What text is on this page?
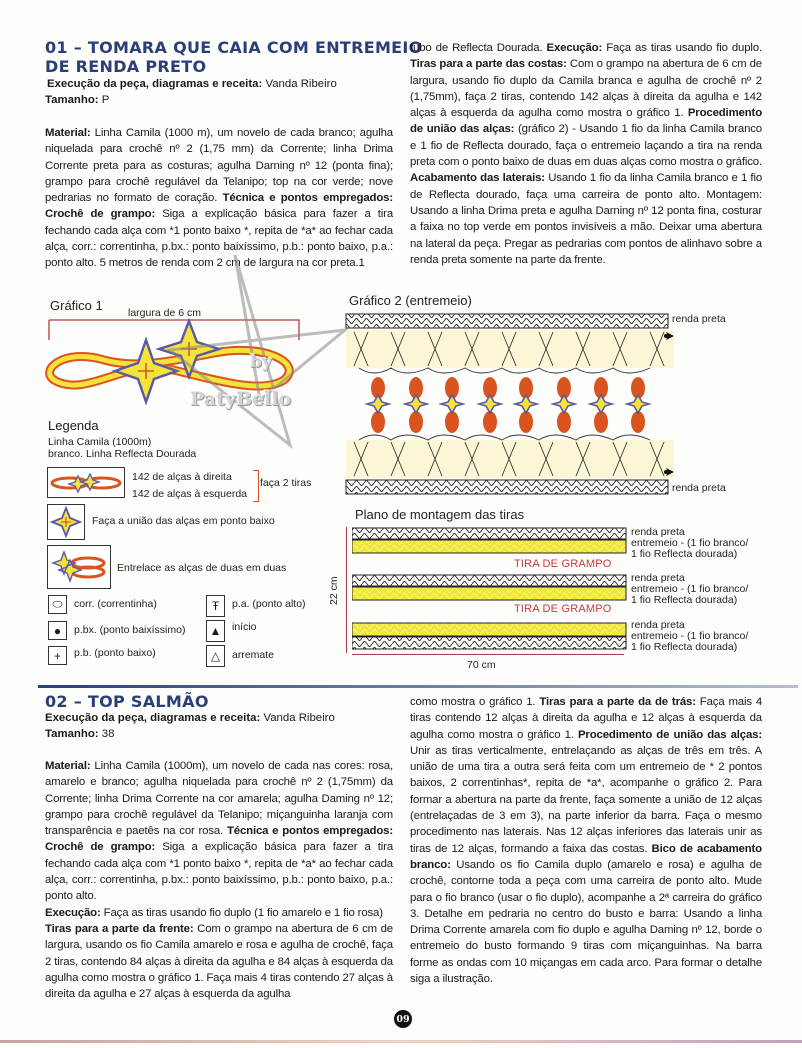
01 – TOMARA QUE CAIA COM ENTREMEIO
DE RENDA PRETO
Execução da peça, diagramas e receita: Vanda Ribeiro
Tamanho: P

Material: Linha Camila (1000 m), um novelo de cada branco; agulha niquelada para crochê nº 2 (1,75 mm) da Corrente; linha Drima Corrente preta para as costuras; agulha Darning nº 12 (ponta fina); grampo para crochê regulável da Telanipo; top na cor verde; nove pedrarias no formato de coração. Técnica e pontos empregados: Crochê de grampo: Siga a explicação básica para fazer a tira fechando cada alça com *1 ponto baixo *, repita de *a* ao fechar cada alça, corr.: correntinha, p.bx.: ponto baixíssimo, p.b.: ponto baixo, p.a.: ponto alto. 5 metros de renda com 2 cm de largura na cor preta.1

tubo de Reflecta Dourada. Execução: Faça as tiras usando fio duplo. Tiras para a parte das costas: Com o grampo na abertura de 6 cm de largura, usando fio duplo da Camila branca e agulha de crochê nº 2 (1,75mm), faça 2 tiras, contendo 142 alças à direita da agulha e 142 alças à esquerda da agulha como mostra o gráfico 1. Procedimento de união das alças: (gráfico 2) - Usando 1 fio da linha Camila branco e 1 fio de Reflecta dourado, faça o entremeio laçando a tira na renda preta com o ponto baixo de duas em duas alças como mostra o gráfico. Acabamento das laterais: Usando 1 fio da linha Camila branco e 1 fio de Reflecta dourado, faça uma carreira de ponto alto. Montagem: Usando a linha Drima preta e agulha Darning nº 12 ponta fina, costurar a faixa no top verde em pontos invisíveis a mão. Deixar uma abertura na lateral da peça. Pregar as pedrarias com pontos de alinhavo sobre a renda preta somente na parte da frente.

Gráfico 1 largura de 6 cm
Legenda
Linha Camila (1000m)
branco. Linha Reflecta Dourada
142 de alças à direita
142 de alças à esquerda
faça 2 tiras
Faça a união das alças em ponto baixo
Entrelace as alças de duas em duas
⬭ corr. (correntinha)
● p.bx. (ponto baixíssimo)
+ p.b. (ponto baixo)
Ŧ p.a. (ponto alto)
▲ início
△ arremate
Gráfico 2 (entremeio)
renda preta
renda preta
Plano de montagem das tiras
22 cm
TIRA DE GRAMPO
TIRA DE GRAMPO
70 cm
renda preta
entremeio - (1 fio branco/
1 fio Reflecta dourada)
renda preta
entremeio - (1 fio branco/
1 fio Reflecta dourada)
renda preta
entremeio - (1 fio branco/
1 fio Reflecta dourada)
by
PatyBello
02 – TOP SALMÃO
Execução da peça, diagramas e receita: Vanda Ribeiro
Tamanho: 38

Material: Linha Camila (1000m), um novelo de cada nas cores: rosa, amarelo e branco; agulha niquelada para crochê nº 2 (1,75mm) da Corrente; linha Drima Corrente na cor amarela; agulha Daming nº 12; grampo para crochê regulável da Telanipo; miçanguinha laranja com transparência e paetês na cor rosa. Técnica e pontos empregados: Crochê de grampo: Siga a explicação básica para fazer a tira fechando cada alça com *1 ponto baixo *, repita de *a* ao fechar cada alça, corr.: correntinha, p.bx.: ponto baixíssimo, p.b.: ponto baixo, p.a.: ponto alto.

Execução: Faça as tiras usando fio duplo (1 fio amarelo e 1 fio rosa)

Tiras para a parte da frente: Com o grampo na abertura de 6 cm de largura, usando os fio Camila amarelo e rosa e agulha de crochê, faça 2 tiras, contendo 84 alças à direita da agulha e 84 alças à esquerda da agulha como mostra o gráfico 1. Faça mais 4 tiras contendo 27 alças à direita da agulha e 27 alças à esquerda da agulha

como mostra o gráfico 1. Tiras para a parte da de trás: Faça mais 4 tiras contendo 12 alças à direita da agulha e 12 alças à esquerda da agulha como mostra o gráfico 1. Procedimento de união das alças: Unir as tiras verticalmente, entrelaçando as alças de três em três. A união de uma tira a outra será feita com um entremeio de * 2 pontos baixos, 2 correntinhas*, repita de *a*, acompanhe o gráfico 2. Para formar a abertura na parte da frente, faça somente a união de 12 alças (entrelaçadas de 3 em 3), na parte inferior da barra. Faça o mesmo procedimento nas laterais. Nas 12 alças inferiores das laterais unir as tiras de 12 alças, formando a faixa das costas. Bico de acabamento branco: Usando os fio Camila duplo (amarelo e rosa) e agulha de crochê, contorne toda a peça com uma carreira de ponto alto. Mude para o fio branco (usar o fio duplo), acompanhe a 2ª carreira do gráfico 3. Detalhe em pedraria no centro do busto e barra: Usando a linha Drima Corrente amarela com fio duplo e agulha Daming nº 12, borde o entremeio do busto formando 9 tiras com miçanguinhas. Na barra forme as ondas com 10 miçangas em cada arco. Para formar o detalhe siga a ilustração.

09
